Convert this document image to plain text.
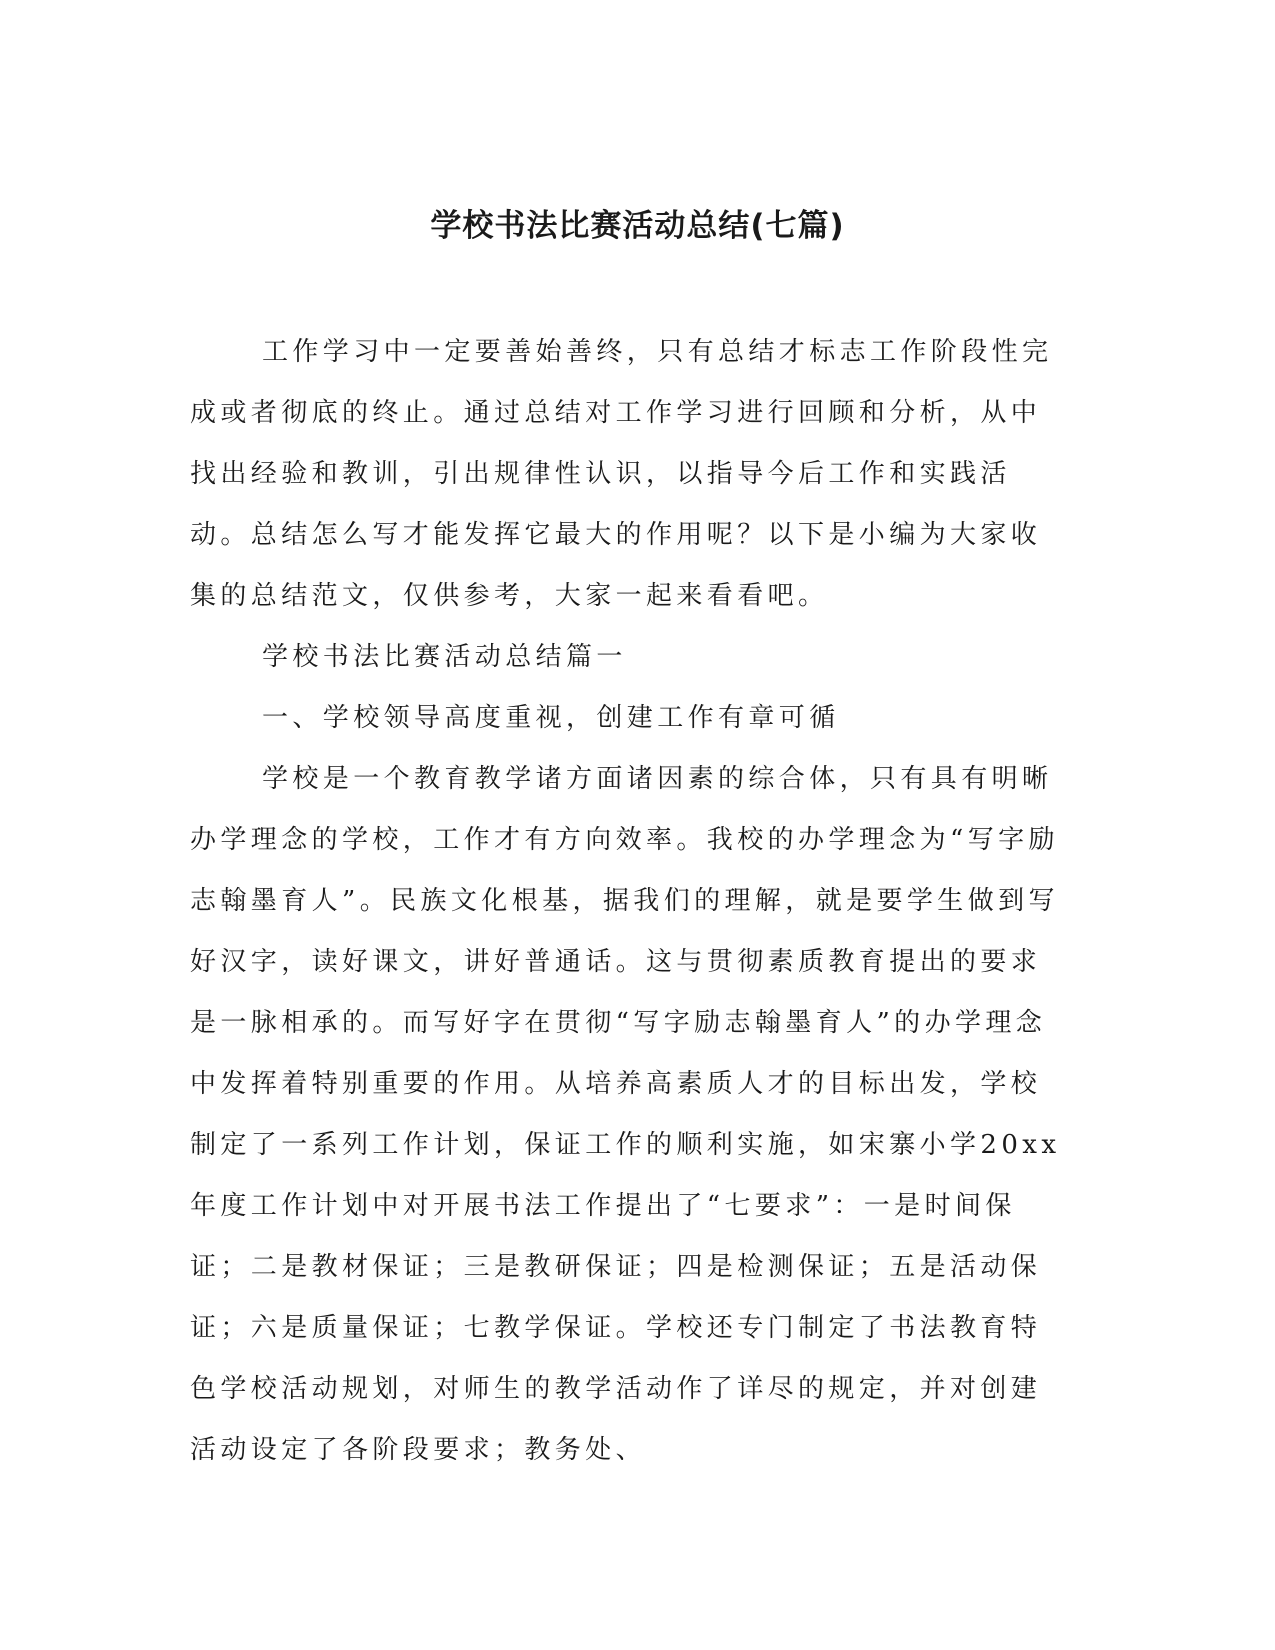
学校书法比赛活动总结(七篇)

工作学习中一定要善始善终，只有总结才标志工作阶段性完成或者彻底的终止。通过总结对工作学习进行回顾和分析，从中找出经验和教训，引出规律性认识，以指导今后工作和实践活动。总结怎么写才能发挥它最大的作用呢？以下是小编为大家收集的总结范文，仅供参考，大家一起来看看吧。

学校书法比赛活动总结篇一

一、学校领导高度重视，创建工作有章可循

学校是一个教育教学诸方面诸因素的综合体，只有具有明晰办学理念的学校，工作才有方向效率。我校的办学理念为“写字励志翰墨育人”。民族文化根基，据我们的理解，就是要学生做到写好汉字，读好课文，讲好普通话。这与贯彻素质教育提出的要求是一脉相承的。而写好字在贯彻“写字励志翰墨育人”的办学理念中发挥着特别重要的作用。从培养高素质人才的目标出发，学校制定了一系列工作计划，保证工作的顺利实施，如宋寨小学20xx年度工作计划中对开展书法工作提出了“七要求”：一是时间保证；二是教材保证；三是教研保证；四是检测保证；五是活动保证；六是质量保证；七教学保证。学校还专门制定了书法教育特色学校活动规划，对师生的教学活动作了详尽的规定，并对创建活动设定了各阶段要求；教务处、
